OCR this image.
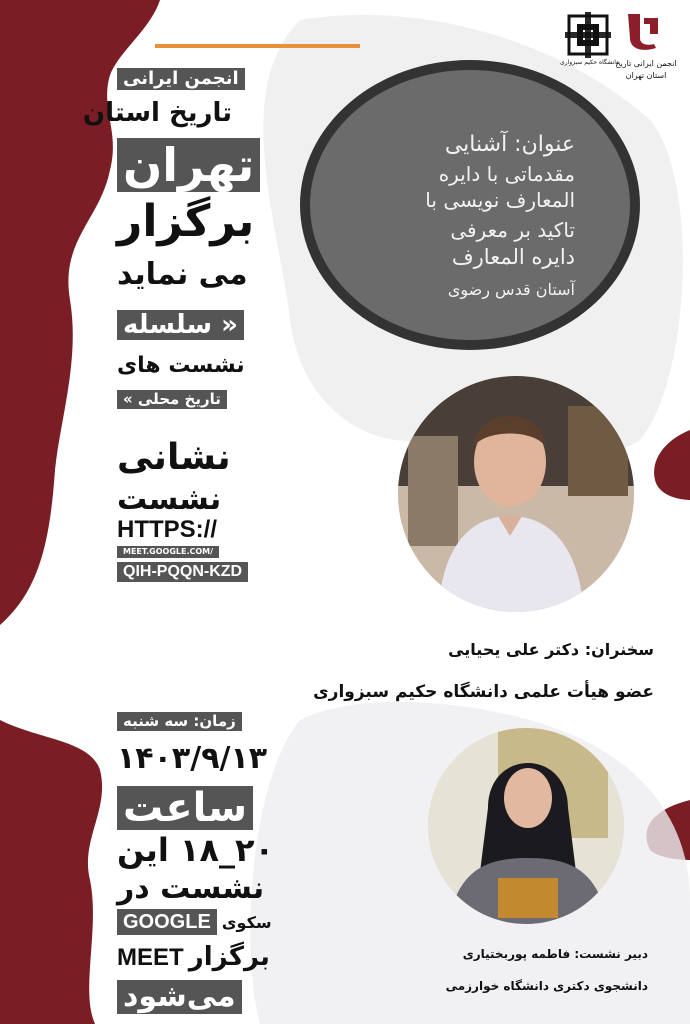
دانشگاه حکیم سبزواری	انجمن ایرانی تاریخ
استان تهران
انجمن ایرانی
تاریخ استان
تهران
برگزار
می نماید
« سلسله
نشست های
تاریخ محلی »
نشانی
نشست
HTTPS://
MEET.GOOGLE.COM/
QIH-PQQN-KZD
عنوان: آشنایی
مقدماتی با دایره
المعارف نویسی با
تاکید بر معرفی
دایره المعارف
آستان قدس رضوی
سخنران: دکتر علی یحیایی
عضو هیأت علمی دانشگاه حکیم سبزواری
دبیر نشست: فاطمه پوربختیاری
دانشجوی دکتری دانشگاه خوارزمی
زمان: سه شنبه
۱۴۰۳/۹/۱۳
ساعت
۲۰_۱۸ این
نشست در
سکوی GOOGLE
برگزار MEET
می‌شود
